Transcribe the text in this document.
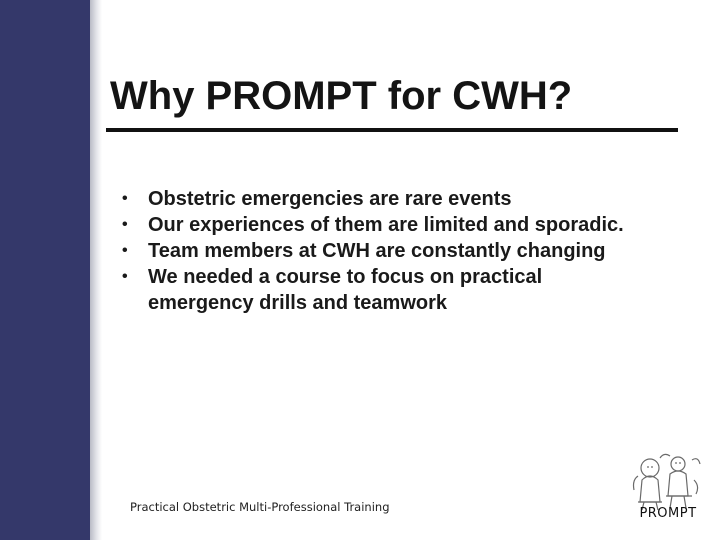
Why PROMPT for CWH?
• Obstetric emergencies are rare events
• Our experiences of them are limited and sporadic.
• Team members at CWH are constantly changing
• We needed a course to focus on practical emergency drills and teamwork
Practical Obstetric Multi-Professional Training	PROMPT
